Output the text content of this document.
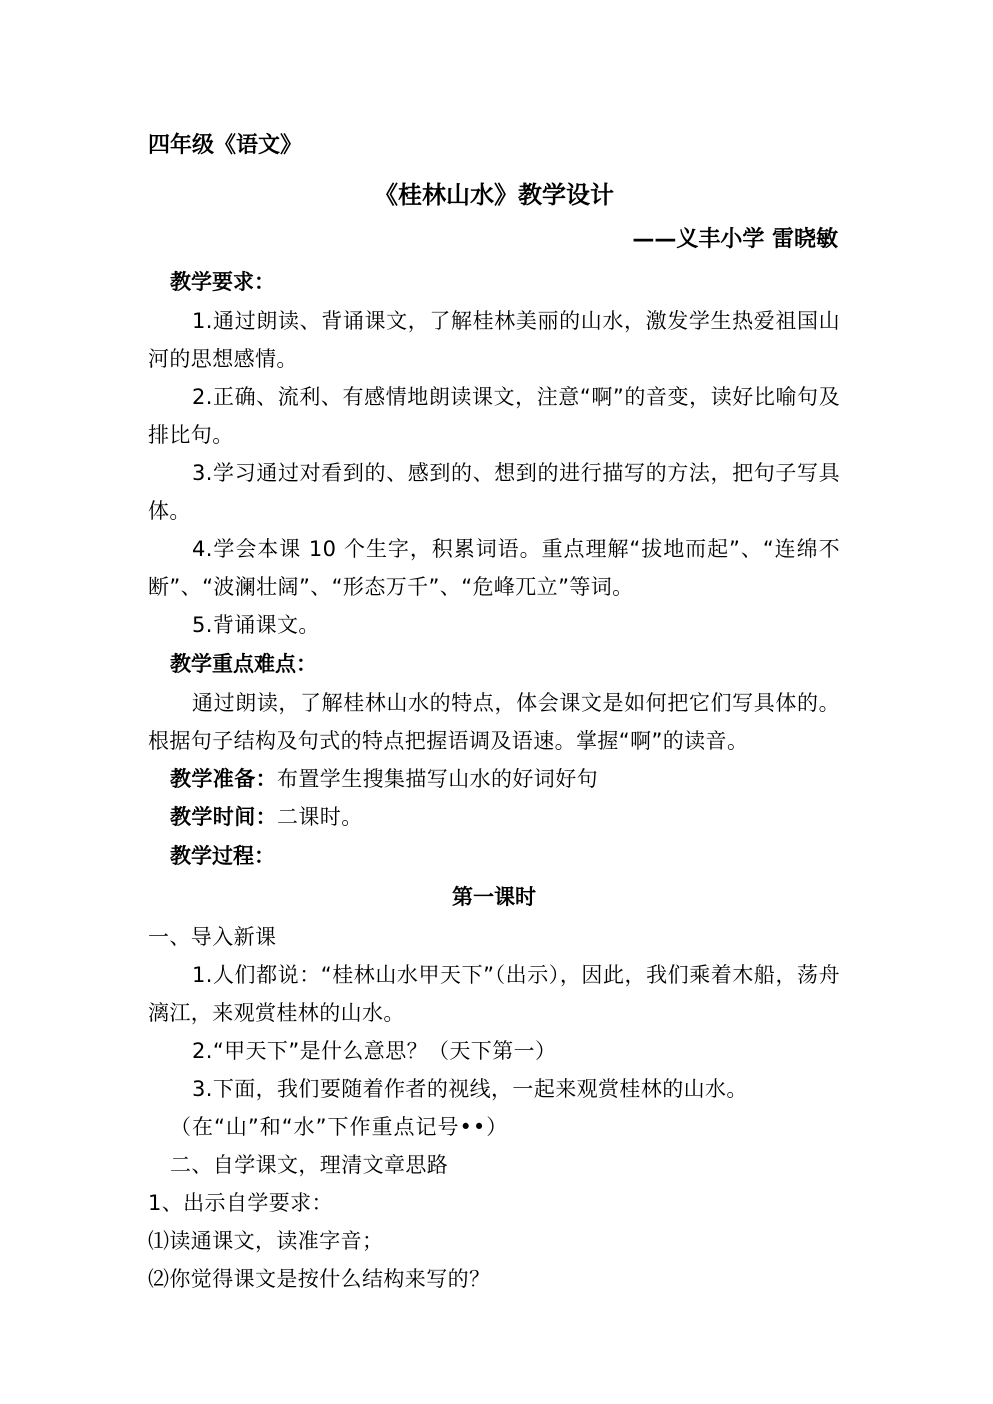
四年级《语文》
《桂林山水》教学设计
——义丰小学 雷晓敏
教学要求：
1.通过朗读、背诵课文，了解桂林美丽的山水，激发学生热爱祖国山河的思想感情。
2.正确、流利、有感情地朗读课文，注意“啊”的音变，读好比喻句及排比句。
3.学习通过对看到的、感到的、想到的进行描写的方法，把句子写具体。
4.学会本课 10 个生字，积累词语。重点理解“拔地而起”、“连绵不断”、“波澜壮阔”、“形态万千”、“危峰兀立”等词。
5.背诵课文。
教学重点难点：
通过朗读，了解桂林山水的特点，体会课文是如何把它们写具体的。根据句子结构及句式的特点把握语调及语速。掌握“啊”的读音。
教学准备：布置学生搜集描写山水的好词好句
教学时间：二课时。
教学过程：
第一课时
一、导入新课
1.人们都说：“桂林山水甲天下”（出示），因此，我们乘着木船，荡舟漓江，来观赏桂林的山水。
2.“甲天下”是什么意思？（天下第一）
3.下面，我们要随着作者的视线，一起来观赏桂林的山水。
（在“山”和“水”下作重点记号••）
二、自学课文，理清文章思路
1、出示自学要求：
⑴读通课文，读准字音；
⑵你觉得课文是按什么结构来写的？
